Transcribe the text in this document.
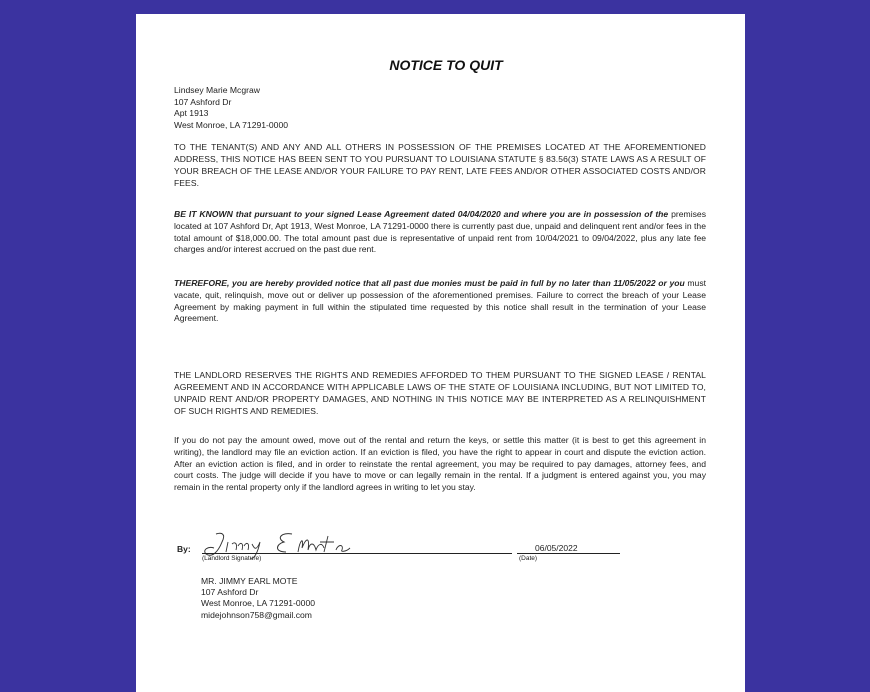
NOTICE TO QUIT
Lindsey Marie Mcgraw
107 Ashford Dr
Apt 1913
West Monroe, LA 71291-0000
TO THE TENANT(S) AND ANY AND ALL OTHERS IN POSSESSION OF THE PREMISES LOCATED AT THE AFOREMENTIONED ADDRESS, THIS NOTICE HAS BEEN SENT TO YOU PURSUANT TO LOUISIANA STATUTE § 83.56(3) STATE LAWS AS A RESULT OF YOUR BREACH OF THE LEASE AND/OR YOUR FAILURE TO PAY RENT, LATE FEES AND/OR OTHER ASSOCIATED COSTS AND/OR FEES.
BE IT KNOWN that pursuant to your signed Lease Agreement dated 04/04/2020 and where you are in possession of the premises located at 107 Ashford Dr, Apt 1913, West Monroe, LA 71291-0000 there is currently past due, unpaid and delinquent rent and/or fees in the total amount of $18,000.00. The total amount past due is representative of unpaid rent from 10/04/2021 to 09/04/2022, plus any late fee charges and/or interest accrued on the past due rent.
THEREFORE, you are hereby provided notice that all past due monies must be paid in full by no later than 11/05/2022 or you must vacate, quit, relinquish, move out or deliver up possession of the aforementioned premises. Failure to correct the breach of your Lease Agreement by making payment in full within the stipulated time requested by this notice shall result in the termination of your Lease Agreement.
THE LANDLORD RESERVES THE RIGHTS AND REMEDIES AFFORDED TO THEM PURSUANT TO THE SIGNED LEASE / RENTAL AGREEMENT AND IN ACCORDANCE WITH APPLICABLE LAWS OF THE STATE OF LOUISIANA INCLUDING, BUT NOT LIMITED TO, UNPAID RENT AND/OR PROPERTY DAMAGES, AND NOTHING IN THIS NOTICE MAY BE INTERPRETED AS A RELINQUISHMENT OF SUCH RIGHTS AND REMEDIES.
If you do not pay the amount owed, move out of the rental and return the keys, or settle this matter (it is best to get this agreement in writing), the landlord may file an eviction action. If an eviction is filed, you have the right to appear in court and dispute the eviction action. After an eviction action is filed, and in order to reinstate the rental agreement, you may be required to pay damages, attorney fees, and court costs. The judge will decide if you have to move or can legally remain in the rental. If a judgment is entered against you, you may remain in the rental property only if the landlord agrees in writing to let you stay.
By:
(Landlord Signature)
06/05/2022
(Date)
MR. JIMMY EARL MOTE
107 Ashford Dr
West Monroe, LA 71291-0000
midejohnson758@gmail.com
